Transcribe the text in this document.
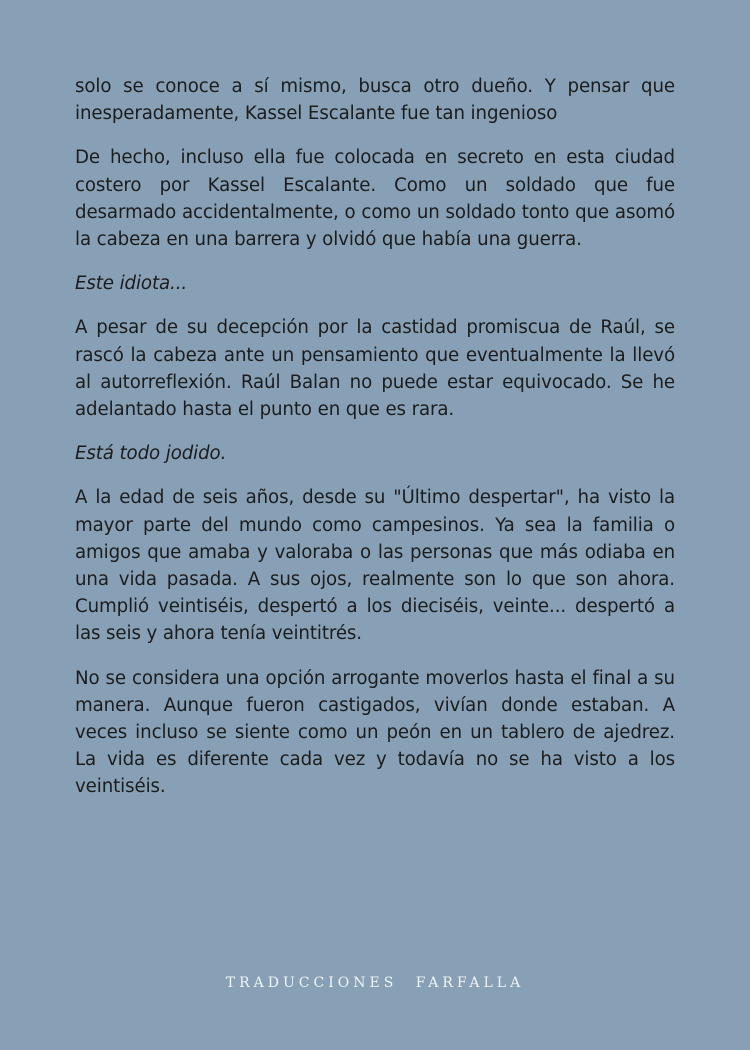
solo se conoce a sí mismo, busca otro dueño. Y pensar que inesperadamente, Kassel Escalante fue tan ingenioso

De hecho, incluso ella fue colocada en secreto en esta ciudad costero por Kassel Escalante. Como un soldado que fue desarmado accidentalmente, o como un soldado tonto que asomó la cabeza en una barrera y olvidó que había una guerra.

Este idiota...

A pesar de su decepción por la castidad promiscua de Raúl, se rascó la cabeza ante un pensamiento que eventualmente la llevó al autorreflexión. Raúl Balan no puede estar equivocado. Se he adelantado hasta el punto en que es rara.

Está todo jodido.

A la edad de seis años, desde su "Último despertar", ha visto la mayor parte del mundo como campesinos. Ya sea la familia o amigos que amaba y valoraba o las personas que más odiaba en una vida pasada. A sus ojos, realmente son lo que son ahora. Cumplió veintiséis, despertó a los dieciséis, veinte... despertó a las seis y ahora tenía veintitrés.

No se considera una opción arrogante moverlos hasta el final a su manera. Aunque fueron castigados, vivían donde estaban. A veces incluso se siente como un peón en un tablero de ajedrez. La vida es diferente cada vez y todavía no se ha visto a los veintiséis.

TRADUCCIONES FARFALLA
